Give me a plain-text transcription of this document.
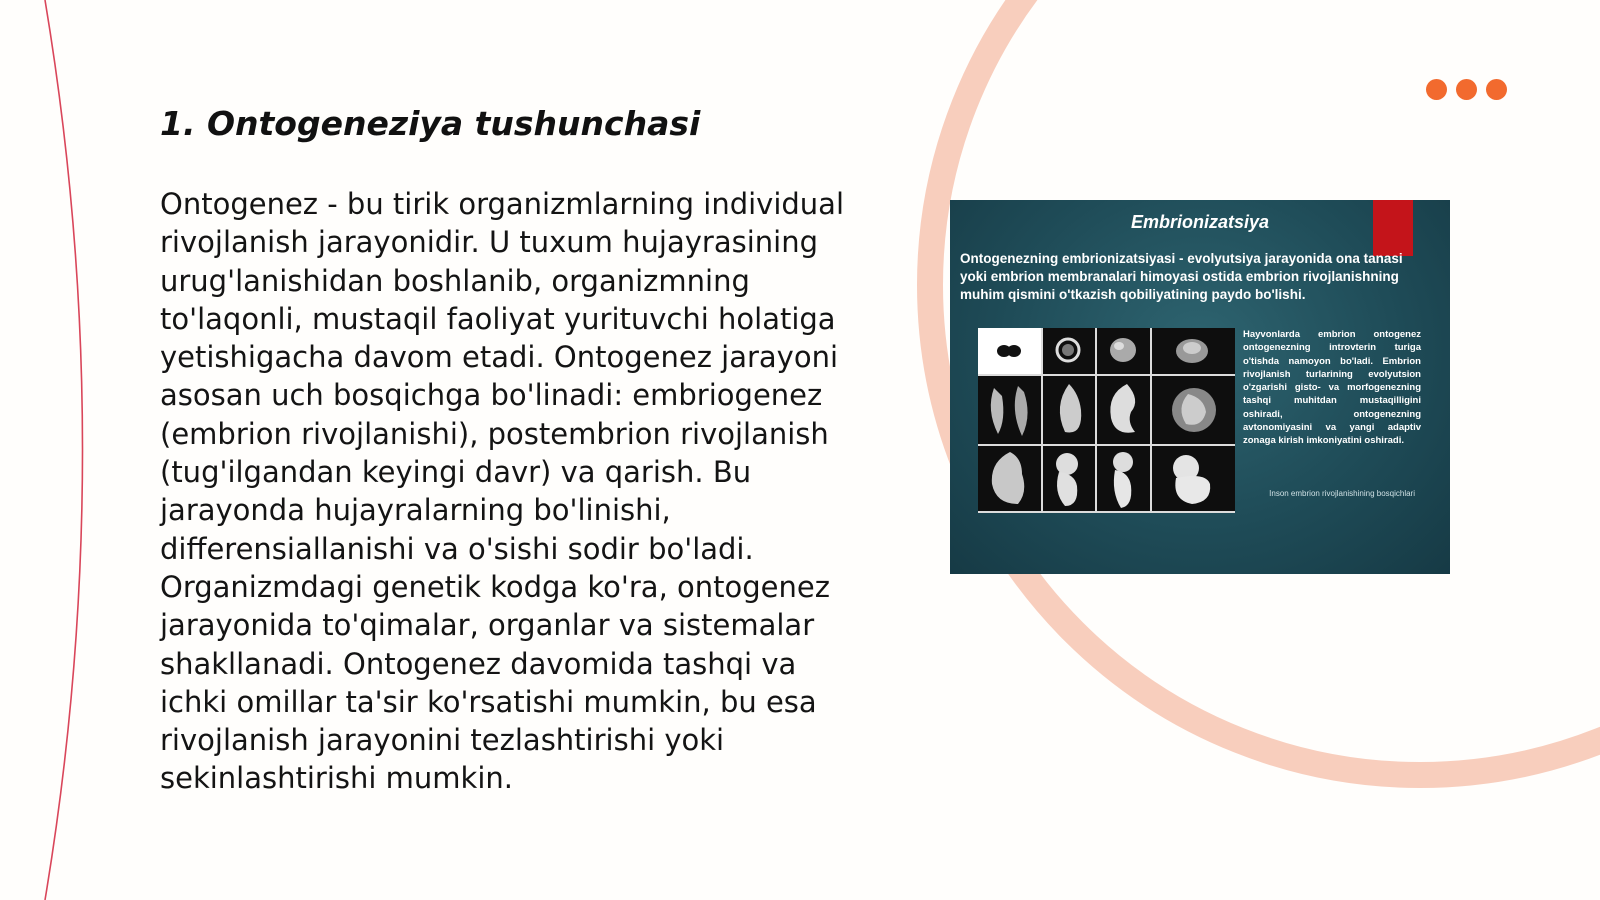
1. Ontogeneziya tushunchasi

Ontogenez - bu tirik organizmlarning individual rivojlanish jarayonidir. U tuxum hujayrasining urug'lanishidan boshlanib, organizmning to'laqonli, mustaqil faoliyat yurituvchi holatiga yetishigacha davom etadi. Ontogenez jarayoni asosan uch bosqichga bo'linadi: embriogenez (embrion rivojlanishi), postembrion rivojlanish (tug'ilgandan keyingi davr) va qarish. Bu jarayonda hujayralarning bo'linishi, differensiallanishi va o'sishi sodir bo'ladi. Organizmdagi genetik kodga ko'ra, ontogenez jarayonida to'qimalar, organlar va sistemalar shakllanadi. Ontogenez davomida tashqi va ichki omillar ta'sir ko'rsatishi mumkin, bu esa rivojlanish jarayonini tezlashtirishi yoki sekinlashtirishi mumkin.

Embrionizatsiya
Ontogenezning embrionizatsiyasi - evolyutsiya jarayonida ona tanasi yoki embrion membranalari himoyasi ostida embrion rivojlanishning muhim qismini o'tkazish qobiliyatining paydo bo'lishi.
Hayvonlarda embrion ontogenez ontogenezning introvterin turiga o'tishda namoyon bo'ladi. Embrion rivojlanish turlarining evolyutsion o'zgarishi gisto- va morfogenezning tashqi muhitdan mustaqilligini oshiradi, ontogenezning avtonomiyasini va yangi adaptiv zonaga kirish imkoniyatini oshiradi.
Inson embrion rivojlanishining bosqichlari
